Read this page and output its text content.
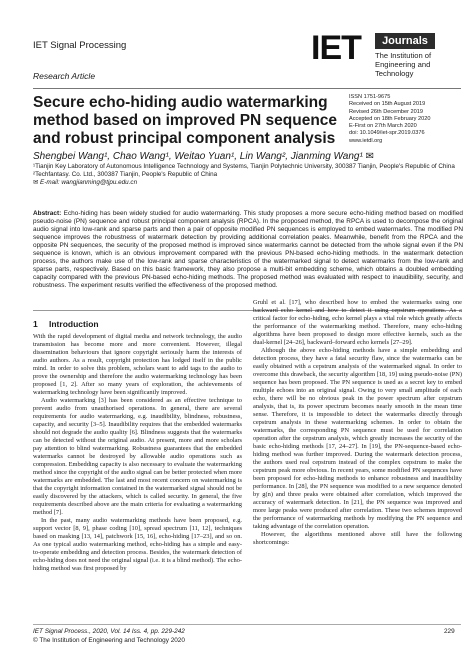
IET Signal Processing
Research Article
IET	Journals
The Institution of Engineering and Technology
Secure echo-hiding audio watermarking method based on improved PN sequence and robust principal component analysis
ISSN 1751-9675
Received on 15th August 2019
Revised 26th December 2019
Accepted on 18th February 2020
E-First on 27th March 2020
doi: 10.1049/iet-spr.2019.0376
www.ietdl.org
Shengbei Wang¹, Chao Wang¹, Weitao Yuan¹, Lin Wang², Jianming Wang¹ ✉
¹Tianjin Key Laboratory of Autonomous Intelligence Technology and Systems, Tianjin Polytechnic University, 300387 Tianjin, People's Republic of China
²Techfantasy. Co. Ltd., 300387 Tianjin, People's Republic of China
✉ E-mail: wangjianming@tjpu.edu.cn
Abstract: Echo-hiding has been widely studied for audio watermarking. This study proposes a more secure echo-hiding method based on modified pseudo-noise (PN) sequence and robust principal component analysis (RPCA). In the proposed method, the RPCA is used to decompose the original audio signal into low-rank and sparse parts and then a pair of opposite modified PN sequences is employed to embed watermarks. The modified PN sequence improves the robustness of watermark detection by providing additional correlation peaks. Meanwhile, benefit from the RPCA and the opposite PN sequences, the security of the proposed method is improved since watermarks cannot be detected from the whole signal even if the PN sequence is known, which is an obvious improvement compared with the previous PN-based echo-hiding methods. In the watermark detection process, the authors make use of the low-rank and sparse characteristics of the watermarked signal to detect watermarks from the low-rank and sparse parts, respectively. Based on this basic framework, they also propose a multi-bit embedding scheme, which obtains a doubled embedding capacity compared with the previous PN-based echo-hiding methods. The proposed method was evaluated with respect to inaudibility, security, and robustness. The experiment results verified the effectiveness of the proposed method.
1 Introduction

With the rapid development of digital media and network technology, the audio transmission has become more and more convenient. However, illegal dissemination behaviours that ignore copyright seriously harm the interests of audio authors. As a result, copyright protection has lodged itself in the public mind. In order to solve this problem, scholars want to add tags to the audio to prove the ownership and therefore the audio watermarking technology has been proposed [1, 2]. After so many years of exploration, the achievements of watermarking technology have been significantly improved.

Audio watermarking [3] has been considered as an effective technique to prevent audio from unauthorised operations. In general, there are several requirements for audio watermarking, e.g. inaudibility, blindness, robustness, capacity, and security [3–5]. Inaudibility requires that the embedded watermarks should not degrade the audio quality [6]. Blindness suggests that the watermarks can be detected without the original audio. At present, more and more scholars pay attention to blind watermarking. Robustness guarantees that the embedded watermarks cannot be destroyed by allowable audio operations such as compression. Embedding capacity is also necessary to evaluate the watermarking method since the copyright of the audio signal can be better protected when more watermarks are embedded. The last and most recent concern on watermarking is that the copyright information contained in the watermarked signal should not be easily discovered by the attackers, which is called security. In general, the five requirements described above are the main criteria for evaluating a watermarking method [7].

In the past, many audio watermarking methods have been proposed, e.g. support vector [8, 9], phase coding [10], spread spectrum [11, 12], techniques based on masking [13, 14], patchwork [15, 16], echo-hiding [17–23], and so on. As one typical audio watermarking method, echo-hiding has a simple and easy-to-operate embedding and detection process. Besides, the watermark detection of echo-hiding does not need the original signal (i.e. it is a blind method). The echo-hiding method was first proposed by

Gruhl et al. [17], who described how to embed the watermarks using one backward echo kernel and how to detect it using cepstrum operations. As a critical factor for echo-hiding, echo kernel plays a vital role which greatly affects the performance of the watermarking method. Therefore, many echo-hiding algorithms have been proposed to design more effective kernels, such as the dual-kernel [24–26], backward–forward echo kernels [27–29].

Although the above echo-hiding methods have a simple embedding and detection process, they have a fatal security flaw, since the watermarks can be easily obtained with a cepstrum analysis of the watermarked signal. In order to overcome this drawback, the security algorithm [18, 19] using pseudo-noise (PN) sequence has been proposed. The PN sequence is used as a secret key to embed multiple echoes into an original signal. Owing to very small amplitude of each echo, there will be no obvious peak in the power spectrum after cepstrum analysis, that is, its power spectrum becomes nearly smooth in the mean time sense. Therefore, it is impossible to detect the watermarks directly through cepstrum analysis in these watermarking schemes. In order to obtain the watermarks, the corresponding PN sequence must be used for correlation operation after the cepstrum analysis, which greatly increases the security of the basic echo-hiding methods [17, 24–27]. In [19], the PN-sequence-based echo-hiding method was further improved. During the watermark detection process, the authors used real cepstrum instead of the complex cepstrum to make the cepstrum peak more obvious. In recent years, some modified PN sequences have been proposed for echo-hiding methods to enhance robustness and inaudibility performance. In [28], the PN sequence was modified to a new sequence denoted by g(n) and three peaks were obtained after correlation, which improved the accuracy of watermark detection. In [21], the PN sequence was improved and more large peaks were produced after correlation. These two schemes improved the performance of watermarking methods by modifying the PN sequence and taking advantage of the correlation operation.

However, the algorithms mentioned above still have the following shortcomings:

IET Signal Process., 2020, Vol. 14 Iss. 4, pp. 229-242
© The Institution of Engineering and Technology 2020
229
